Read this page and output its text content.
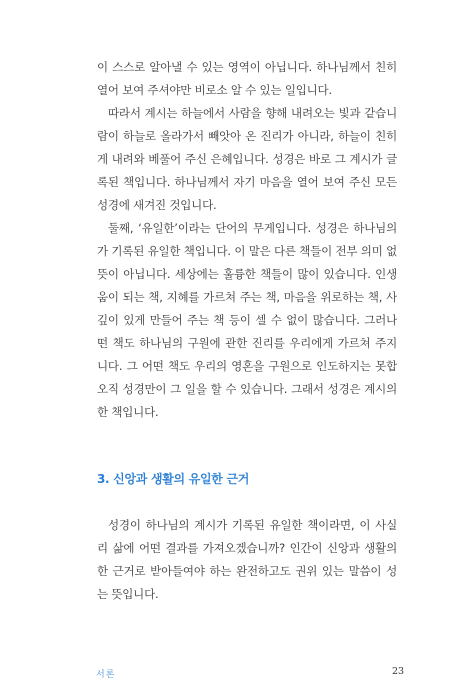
이 스스로 알아낼 수 있는 영역이 아닙니다. 하나님께서 친히
열어 보여 주셔야만 비로소 알 수 있는 일입니다.
따라서 계시는 하늘에서 사람을 향해 내려오는 빛과 같습니
람이 하늘로 올라가서 빼앗아 온 진리가 아니라, 하늘이 친히
게 내려와 베풀어 주신 은혜입니다. 성경은 바로 그 계시가 글
록된 책입니다. 하나님께서 자기 마음을 열어 보여 주신 모든
성경에 새겨진 것입니다.
둘째, ‘유일한’이라는 단어의 무게입니다. 성경은 하나님의
가 기록된 유일한 책입니다. 이 말은 다른 책들이 전부 의미 없
뜻이 아닙니다. 세상에는 훌륭한 책들이 많이 있습니다. 인생
움이 되는 책, 지혜를 가르쳐 주는 책, 마음을 위로하는 책, 사
깊이 있게 만들어 주는 책 등이 셀 수 없이 많습니다. 그러나
떤 책도 하나님의 구원에 관한 진리를 우리에게 가르쳐 주지
니다. 그 어떤 책도 우리의 영혼을 구원으로 인도하지는 못합
오직 성경만이 그 일을 할 수 있습니다. 그래서 성경은 계시의
한 책입니다.
3. 신앙과 생활의 유일한 근거
성경이 하나님의 계시가 기록된 유일한 책이라면, 이 사실
리 삶에 어떤 결과를 가져오겠습니까? 인간이 신앙과 생활의
한 근거로 받아들여야 하는 완전하고도 권위 있는 말씀이 성
는 뜻입니다.
서론	23
